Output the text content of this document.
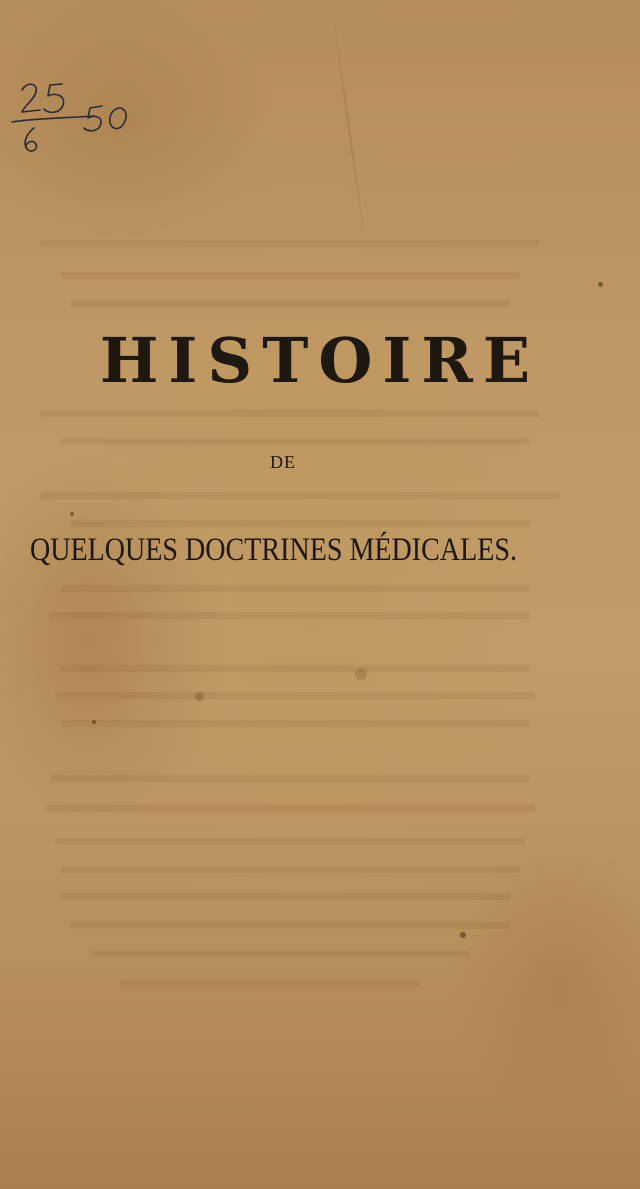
HISTOIRE
DE
QUELQUES DOCTRINES MÉDICALES.
